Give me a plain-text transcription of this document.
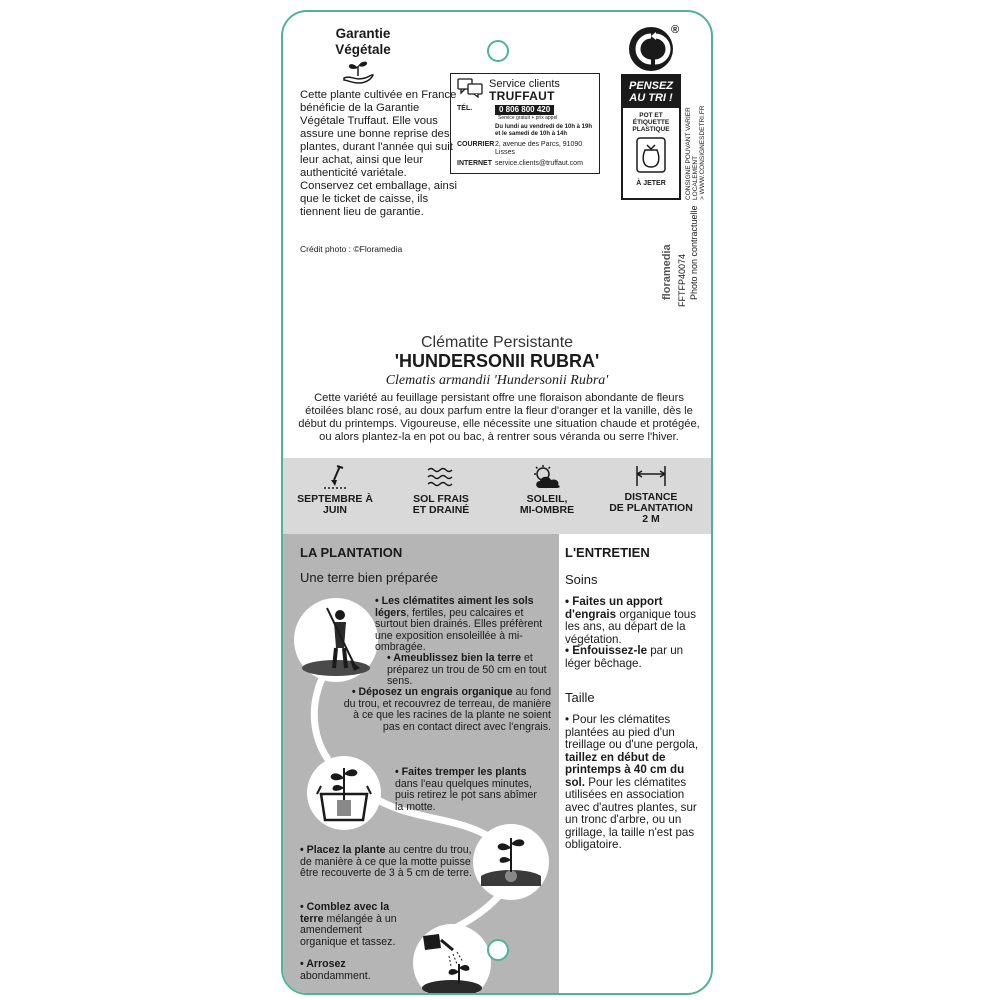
Garantie
Végétale
Cette plante cultivée en France bénéficie de la Garantie Végétale Truffaut. Elle vous assure une bonne reprise des plantes, durant l'année qui suit leur achat, ainsi que leur authenticité variétale. Conservez cet emballage, ainsi que le ticket de caisse, ils tiennent lieu de garantie.
Crédit photo : ©Floramedia
Service clients
TRUFFAUT
TÉL.	0 806 800 420 Service gratuit + prix appel
Du lundi au vendredi de 10h à 19h et le samedi de 10h à 14h
COURRIER 2, avenue des Parcs, 91090 Lisses
INTERNET service.clients@truffaut.com
®
PENSEZ AU TRI !
POT ET ÉTIQUETTE PLASTIQUE
À JETER	CONSIGNE POUVANT VARIER LOCALEMENT
> WWW.CONSIGNESDETRI.FR
floramedia FFTFP40074 Photo non contractuelle
Clématite Persistante
'HUNDERSONII RUBRA'
Clematis armandii 'Hundersonii Rubra'
Cette variété au feuillage persistant offre une floraison abondante de fleurs étoilées blanc rosé, au doux parfum entre la fleur d'oranger et la vanille, dès le début du printemps. Vigoureuse, elle nécessite une situation chaude et protégée, ou alors plantez-la en pot ou bac, à rentrer sous véranda ou serre l'hiver.
SEPTEMBRE À
JUIN
SOL FRAIS
ET DRAINÉ
SOLEIL,
MI-OMBRE
DISTANCE
DE PLANTATION
2 M
LA PLANTATION
Une terre bien préparée
• Les clématites aiment les sols légers, fertiles, peu calcaires et surtout bien drainés. Elles préfèrent une exposition ensoleillée à mi-ombragée.
• Ameublissez bien la terre et préparez un trou de 50 cm en tout sens.
• Déposez un engrais organique au fond du trou, et recouvrez de terreau, de manière à ce que les racines de la plante ne soient pas en contact direct avec l'engrais.
• Faites tremper les plants dans l'eau quelques minutes, puis retirez le pot sans abîmer la motte.
• Placez la plante au centre du trou, de manière à ce que la motte puisse être recouverte de 3 à 5 cm de terre.
• Comblez avec la terre mélangée à un amendement organique et tassez.
• Arrosez abondamment.
L'ENTRETIEN
Soins
• Faites un apport d'engrais organique tous les ans, au départ de la végétation.
• Enfouissez-le par un léger bêchage.
Taille
• Pour les clématites plantées au pied d'un treillage ou d'une pergola, taillez en début de printemps à 40 cm du sol. Pour les clématites utilisées en association avec d'autres plantes, sur un tronc d'arbre, ou un grillage, la taille n'est pas obligatoire.
